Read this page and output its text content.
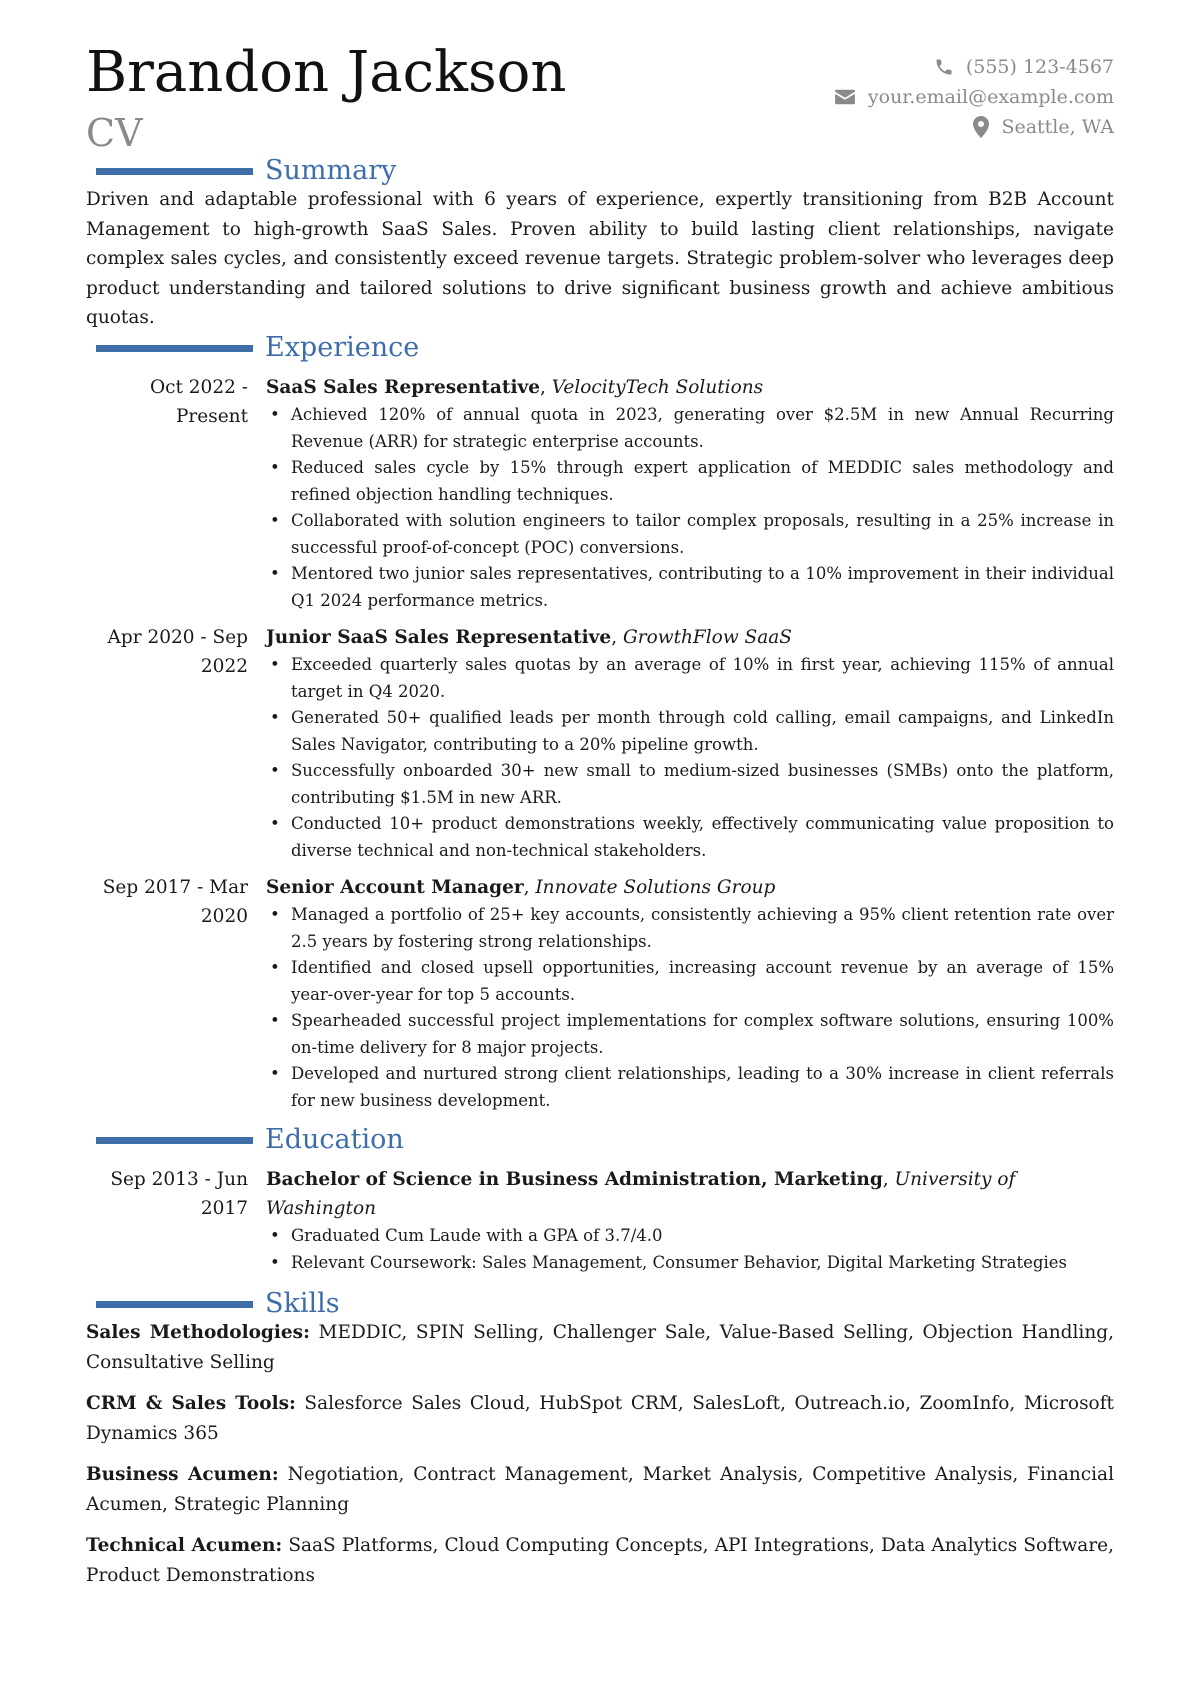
Brandon Jackson
CV
(555) 123-4567
your.email@example.com
Seattle, WA
Summary
Driven and adaptable professional with 6 years of experience, expertly transitioning from B2B Account Management to high-growth SaaS Sales. Proven ability to build lasting client relationships, navigate complex sales cycles, and consistently exceed revenue targets. Strategic problem-solver who leverages deep product understanding and tailored solutions to drive significant business growth and achieve ambitious quotas.
Experience
Oct 2022 - Present
SaaS Sales Representative, VelocityTech Solutions
• Achieved 120% of annual quota in 2023, generating over $2.5M in new Annual Recurring Revenue (ARR) for strategic enterprise accounts.
• Reduced sales cycle by 15% through expert application of MEDDIC sales methodology and refined objection handling techniques.
• Collaborated with solution engineers to tailor complex proposals, resulting in a 25% increase in successful proof-of-concept (POC) conversions.
• Mentored two junior sales representatives, contributing to a 10% improvement in their individual Q1 2024 performance metrics.
Apr 2020 - Sep 2022
Junior SaaS Sales Representative, GrowthFlow SaaS
• Exceeded quarterly sales quotas by an average of 10% in first year, achieving 115% of annual target in Q4 2020.
• Generated 50+ qualified leads per month through cold calling, email campaigns, and LinkedIn Sales Navigator, contributing to a 20% pipeline growth.
• Successfully onboarded 30+ new small to medium-sized businesses (SMBs) onto the platform, contributing $1.5M in new ARR.
• Conducted 10+ product demonstrations weekly, effectively communicating value proposition to diverse technical and non-technical stakeholders.
Sep 2017 - Mar 2020
Senior Account Manager, Innovate Solutions Group
• Managed a portfolio of 25+ key accounts, consistently achieving a 95% client retention rate over 2.5 years by fostering strong relationships.
• Identified and closed upsell opportunities, increasing account revenue by an average of 15% year-over-year for top 5 accounts.
• Spearheaded successful project implementations for complex software solutions, ensuring 100% on-time delivery for 8 major projects.
• Developed and nurtured strong client relationships, leading to a 30% increase in client referrals for new business development.
Education
Sep 2013 - Jun 2017
Bachelor of Science in Business Administration, Marketing, University of Washington
• Graduated Cum Laude with a GPA of 3.7/4.0
• Relevant Coursework: Sales Management, Consumer Behavior, Digital Marketing Strategies
Skills
Sales Methodologies: MEDDIC, SPIN Selling, Challenger Sale, Value-Based Selling, Objection Handling, Consultative Selling
CRM & Sales Tools: Salesforce Sales Cloud, HubSpot CRM, SalesLoft, Outreach.io, ZoomInfo, Microsoft Dynamics 365
Business Acumen: Negotiation, Contract Management, Market Analysis, Competitive Analysis, Financial Acumen, Strategic Planning
Technical Acumen: SaaS Platforms, Cloud Computing Concepts, API Integrations, Data Analytics Software, Product Demonstrations
